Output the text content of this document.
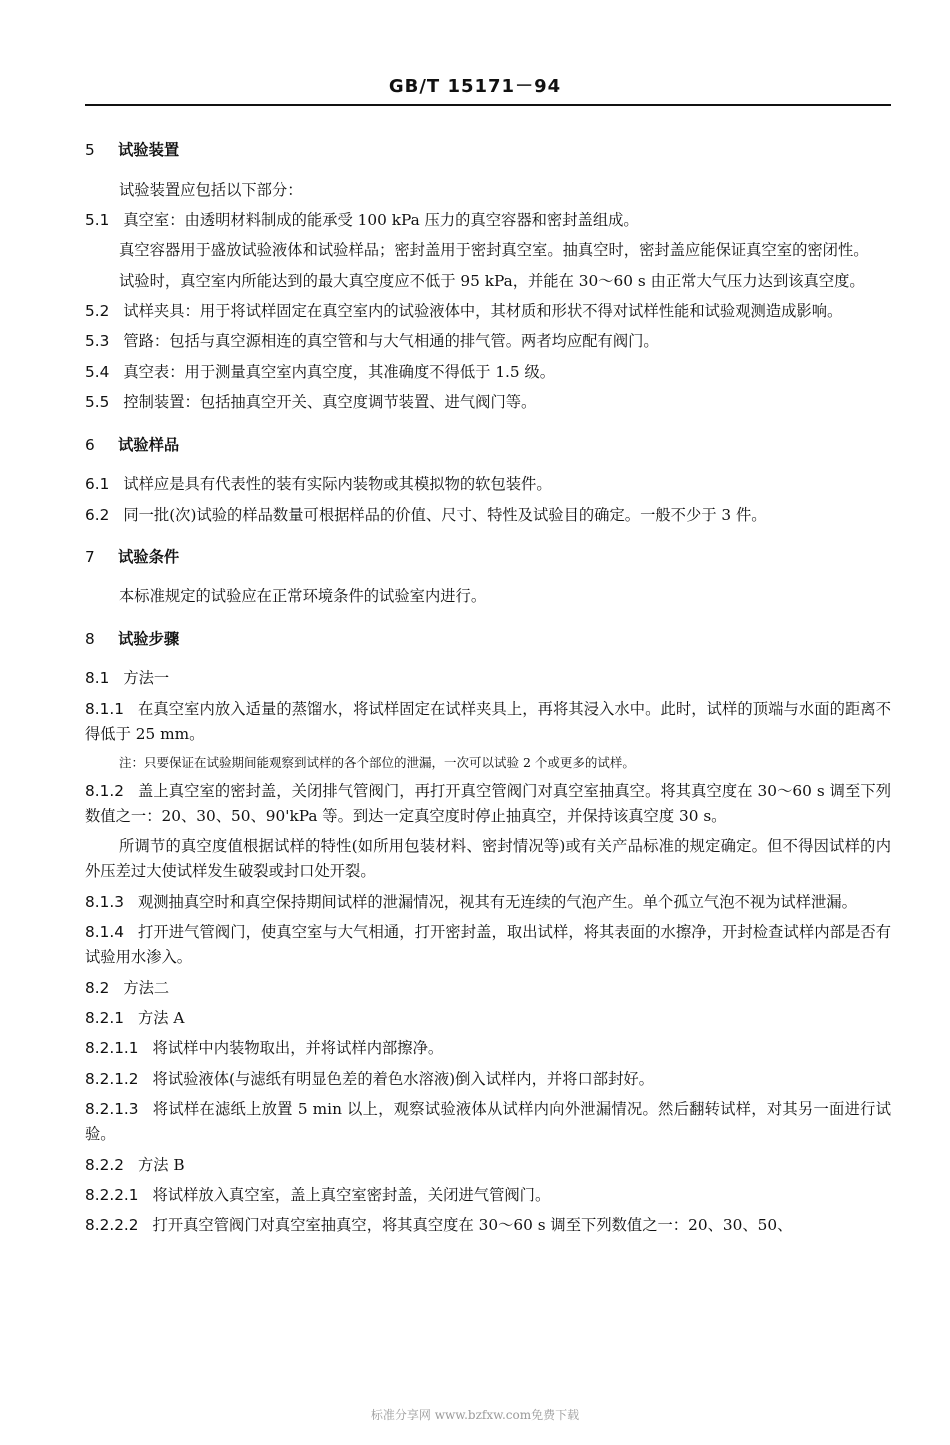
GB/T 15171－94
5 试验装置
试验装置应包括以下部分：
5.1 真空室：由透明材料制成的能承受 100 kPa 压力的真空容器和密封盖组成。
真空容器用于盛放试验液体和试验样品；密封盖用于密封真空室。抽真空时，密封盖应能保证真空室的密闭性。
试验时，真空室内所能达到的最大真空度应不低于 95 kPa，并能在 30～60 s 由正常大气压力达到该真空度。
5.2 试样夹具：用于将试样固定在真空室内的试验液体中，其材质和形状不得对试样性能和试验观测造成影响。
5.3 管路：包括与真空源相连的真空管和与大气相通的排气管。两者均应配有阀门。
5.4 真空表：用于测量真空室内真空度，其准确度不得低于 1.5 级。
5.5 控制装置：包括抽真空开关、真空度调节装置、进气阀门等。
6 试验样品
6.1 试样应是具有代表性的装有实际内装物或其模拟物的软包装件。
6.2 同一批(次)试验的样品数量可根据样品的价值、尺寸、特性及试验目的确定。一般不少于 3 件。
7 试验条件
本标准规定的试验应在正常环境条件的试验室内进行。
8 试验步骤
8.1 方法一
8.1.1 在真空室内放入适量的蒸馏水，将试样固定在试样夹具上，再将其浸入水中。此时，试样的顶端与水面的距离不得低于 25 mm。
注：只要保证在试验期间能观察到试样的各个部位的泄漏，一次可以试验 2 个或更多的试样。
8.1.2 盖上真空室的密封盖，关闭排气管阀门，再打开真空管阀门对真空室抽真空。将其真空度在 30～60 s 调至下列数值之一：20、30、50、90'kPa 等。到达一定真空度时停止抽真空，并保持该真空度 30 s。
所调节的真空度值根据试样的特性(如所用包装材料、密封情况等)或有关产品标准的规定确定。但不得因试样的内外压差过大使试样发生破裂或封口处开裂。
8.1.3 观测抽真空时和真空保持期间试样的泄漏情况，视其有无连续的气泡产生。单个孤立气泡不视为试样泄漏。
8.1.4 打开进气管阀门，使真空室与大气相通，打开密封盖，取出试样，将其表面的水擦净，开封检查试样内部是否有试验用水渗入。
8.2 方法二
8.2.1 方法 A
8.2.1.1 将试样中内装物取出，并将试样内部擦净。
8.2.1.2 将试验液体(与滤纸有明显色差的着色水溶液)倒入试样内，并将口部封好。
8.2.1.3 将试样在滤纸上放置 5 min 以上，观察试验液体从试样内向外泄漏情况。然后翻转试样，对其另一面进行试验。
8.2.2 方法 B
8.2.2.1 将试样放入真空室，盖上真空室密封盖，关闭进气管阀门。
8.2.2.2 打开真空管阀门对真空室抽真空，将其真空度在 30～60 s 调至下列数值之一：20、30、50、
标准分享网 www.bzfxw.com免费下载
